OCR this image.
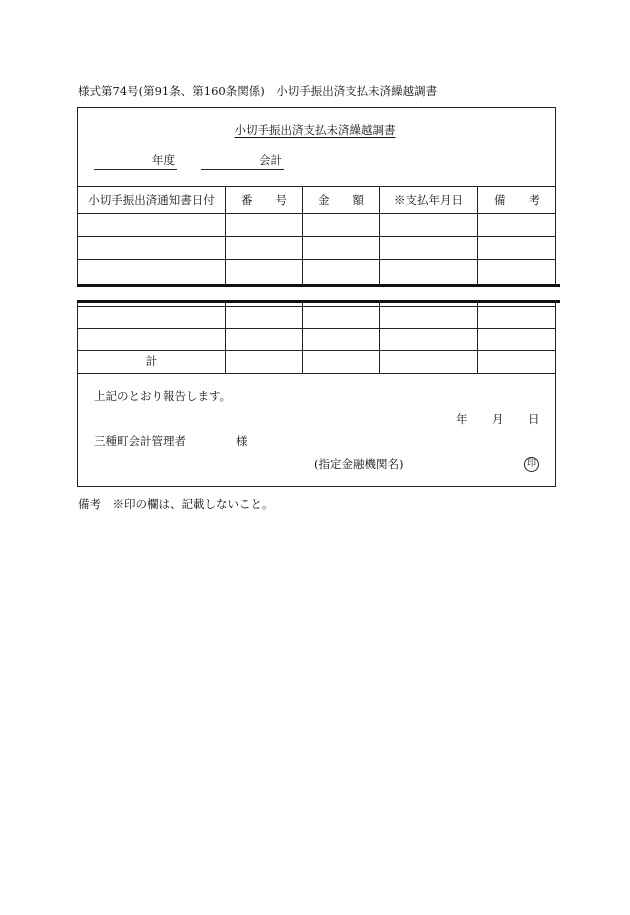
様式第74号(第91条、第160条関係)　小切手振出済支払未済繰越調書
小切手振出済支払未済繰越調書
年度	会計
小切手振出済通知書日付	番　　号	金　　額	※支払年月日	備　　考
計
上記のとおり報告します。
年 月 日
三種町会計管理者	様
(指定金融機関名)	印
備考　※印の欄は、記載しないこと。
